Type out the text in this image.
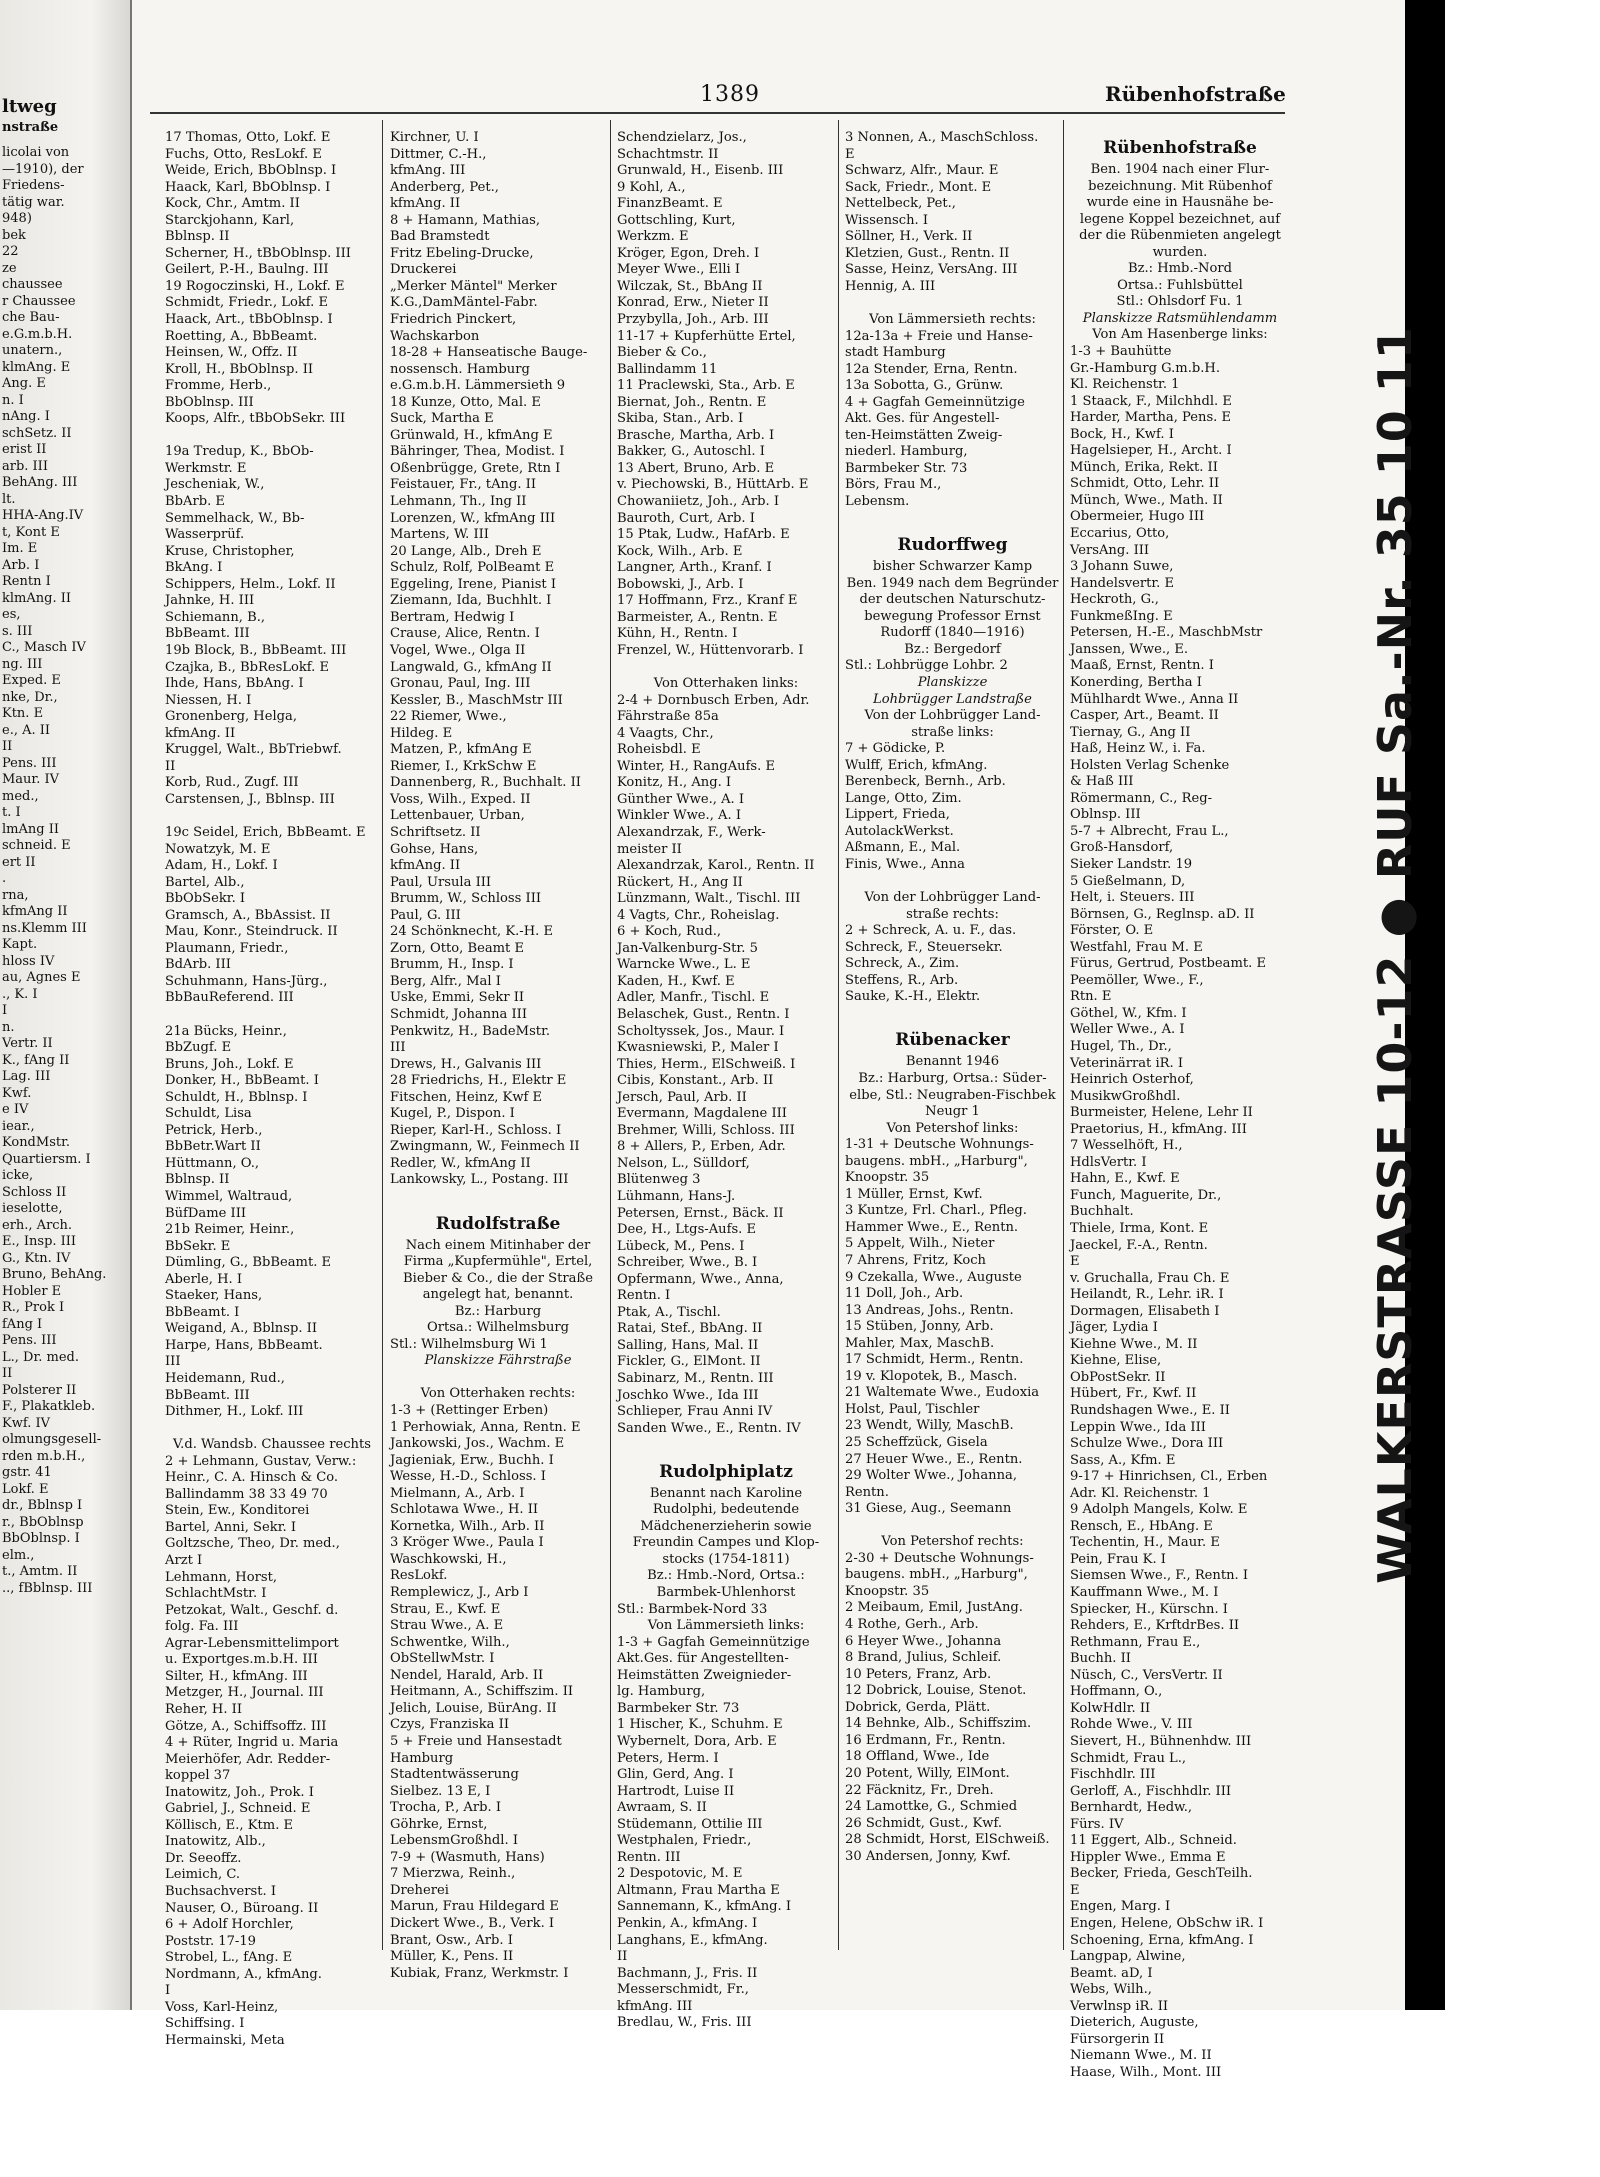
ltweg
nstraße
licolai von
—1910), der
Friedens-
tätig war.
948)
bek
22
ze
chaussee
r Chaussee
che Bau-
e.G.m.b.H.
unatern.,
klmAng. E
Ang. E
n. I
nAng. I
schSetz. II
erist II
arb. III
BehAng. III
lt.
HHA-Ang.IV
t, Kont E
Im. E
Arb. I
Rentn I
klmAng. II
es,
s. III
C., Masch IV
ng. III
Exped. E
nke, Dr.,
Ktn. E
e., A. II
II
Pens. III
Maur. IV
med.,
t. I
lmAng II
schneid. E
ert II
.
rna,
kfmAng II
ns.Klemm III
Kapt.
hloss IV
au, Agnes E
., K. I
I
n.
Vertr. II
K., fAng II
Lag. III
Kwf.
e IV
iear.,
KondMstr.
Quartiersm. I
icke,
Schloss II
ieselotte,
erh., Arch.
E., Insp. III
G., Ktn. IV
Bruno, BehAng.
Hobler E
R., Prok I
fAng I
Pens. III
L., Dr. med.
II
Polsterer II
F., Plakatkleb.
Kwf. IV
olmungsgesell-
rden m.b.H.,
gstr. 41
Lokf. E
dr., Bblnsp I
r., BbOblnsp
BbOblnsp. I
elm.,
t., Amtm. II
.., fBblnsp. III
1389	Rübenhofstraße
17 Thomas, Otto, Lokf. E
Fuchs, Otto, ResLokf. E
Weide, Erich, BbOblnsp. I
Haack, Karl, BbOblnsp. I
Kock, Chr., Amtm. II
Starckjohann, Karl,
Bblnsp. II
Scherner, H., tBbOblnsp. III
Geilert, P.-H., Baulng. III
19 Rogoczinski, H., Lokf. E
Schmidt, Friedr., Lokf. E
Haack, Art., tBbOblnsp. I
Roetting, A., BbBeamt.
Heinsen, W., Offz. II
Kroll, H., BbOblnsp. II
Fromme, Herb.,
BbOblnsp. III
Koops, Alfr., tBbObSekr. III

19a Tredup, K., BbOb-
Werkmstr. E
Jescheniak, W.,
BbArb. E
Semmelhack, W., Bb-
Wasserprüf.
Kruse, Christopher,
BkAng. I
Schippers, Helm., Lokf. II
Jahnke, H. III
Schiemann, B.,
BbBeamt. III
19b Block, B., BbBeamt. III
Czajka, B., BbResLokf. E
Ihde, Hans, BbAng. I
Niessen, H. I
Gronenberg, Helga,
kfmAng. II
Kruggel, Walt., BbTriebwf.
II
Korb, Rud., Zugf. III
Carstensen, J., Bblnsp. III

19c Seidel, Erich, BbBeamt. E
Nowatzyk, M. E
Adam, H., Lokf. I
Bartel, Alb.,
BbObSekr. I
Gramsch, A., BbAssist. II
Mau, Konr., Steindruck. II
Plaumann, Friedr.,
BdArb. III
Schuhmann, Hans-Jürg.,
BbBauReferend. III

21a Bücks, Heinr.,
BbZugf. E
Bruns, Joh., Lokf. E
Donker, H., BbBeamt. I
Schuldt, H., Bblnsp. I
Schuldt, Lisa
Petrick, Herb.,
BbBetr.Wart II
Hüttmann, O.,
Bblnsp. II
Wimmel, Waltraud,
BüfDame III
21b Reimer, Heinr.,
BbSekr. E
Dümling, G., BbBeamt. E
Aberle, H. I
Staeker, Hans,
BbBeamt. I
Weigand, A., Bblnsp. II
Harpe, Hans, BbBeamt.
III
Heidemann, Rud.,
BbBeamt. III
Dithmer, H., Lokf. III

V.d. Wandsb. Chaussee rechts
2 + Lehmann, Gustav, Verw.:
Heinr., C. A. Hinsch & Co.
Ballindamm 38 33 49 70
Stein, Ew., Konditorei
Bartel, Anni, Sekr. I
Goltzsche, Theo, Dr. med.,
Arzt I
Lehmann, Horst,
SchlachtMstr. I
Petzokat, Walt., Geschf. d.
folg. Fa. III
Agrar-Lebensmittelimport
u. Exportges.m.b.H. III
Silter, H., kfmAng. III
Metzger, H., Journal. III
Reher, H. II
Götze, A., Schiffsoffz. III
4 + Rüter, Ingrid u. Maria
Meierhöfer, Adr. Redder-
koppel 37
Inatowitz, Joh., Prok. I
Gabriel, J., Schneid. E
Köllisch, E., Ktm. E
Inatowitz, Alb.,
Dr. Seeoffz.
Leimich, C.
Buchsachverst. I
Nauser, O., Büroang. II
6 + Adolf Horchler,
Poststr. 17-19
Strobel, L., fAng. E
Nordmann, A., kfmAng.
I
Voss, Karl-Heinz,
Schiffsing. I
Hermainski, Meta
Kirchner, U. I
Dittmer, C.-H.,
kfmAng. III
Anderberg, Pet.,
kfmAng. II
8 + Hamann, Mathias,
Bad Bramstedt
Fritz Ebeling-Drucke,
Druckerei
„Merker Mäntel" Merker
K.G.,DamMäntel-Fabr.
Friedrich Pinckert,
Wachskarbon
18-28 + Hanseatische Bauge-
nossensch. Hamburg
e.G.m.b.H. Lämmersieth 9
18 Kunze, Otto, Mal. E
Suck, Martha E
Grünwald, H., kfmAng E
Bähringer, Thea, Modist. I
Oßenbrügge, Grete, Rtn I
Feistauer, Fr., tAng. II
Lehmann, Th., Ing II
Lorenzen, W., kfmAng III
Martens, W. III
20 Lange, Alb., Dreh E
Schulz, Rolf, PolBeamt E
Eggeling, Irene, Pianist I
Ziemann, Ida, Buchhlt. I
Bertram, Hedwig I
Crause, Alice, Rentn. I
Vogel, Wwe., Olga II
Langwald, G., kfmAng II
Gronau, Paul, Ing. III
Kessler, B., MaschMstr III
22 Riemer, Wwe.,
Hildeg. E
Matzen, P., kfmAng E
Riemer, I., KrkSchw E
Dannenberg, R., Buchhalt. II
Voss, Wilh., Exped. II
Lettenbauer, Urban,
Schriftsetz. II
Gohse, Hans,
kfmAng. II
Paul, Ursula III
Brumm, W., Schloss III
Paul, G. III
24 Schönknecht, K.-H. E
Zorn, Otto, Beamt E
Brumm, H., Insp. I
Berg, Alfr., Mal I
Uske, Emmi, Sekr II
Schmidt, Johanna III
Penkwitz, H., BadeMstr.
III
Drews, H., Galvanis III
28 Friedrichs, H., Elektr E
Fitschen, Heinz, Kwf E
Kugel, P., Dispon. I
Rieper, Karl-H., Schloss. I
Zwingmann, W., Feinmech II
Redler, W., kfmAng II
Lankowsky, L., Postang. III

Rudolfstraße
Nach einem Mitinhaber der
Firma „Kupfermühle", Ertel,
Bieber & Co., die der Straße
angelegt hat, benannt.
Bz.: Harburg
Ortsa.: Wilhelmsburg
Stl.: Wilhelmsburg Wi 1
Planskizze Fährstraße

Von Otterhaken rechts:
1-3 + (Rettinger Erben)
1 Perhowiak, Anna, Rentn. E
Jankowski, Jos., Wachm. E
Jagieniak, Erw., Buchh. I
Wesse, H.-D., Schloss. I
Mielmann, A., Arb. I
Schlotawa Wwe., H. II
Kornetka, Wilh., Arb. II
3 Kröger Wwe., Paula I
Waschkowski, H.,
ResLokf.
Remplewicz, J., Arb I
Strau, E., Kwf. E
Strau Wwe., A. E
Schwentke, Wilh.,
ObStellwMstr. I
Nendel, Harald, Arb. II
Heitmann, A., Schiffszim. II
Jelich, Louise, BürAng. II
Czys, Franziska II
5 + Freie und Hansestadt
Hamburg
Stadtentwässerung
Sielbez. 13 E, I
Trocha, P., Arb. I
Göhrke, Ernst,
LebensmGroßhdl. I
7-9 + (Wasmuth, Hans)
7 Mierzwa, Reinh.,
Dreherei
Marun, Frau Hildegard E
Dickert Wwe., B., Verk. I
Brant, Osw., Arb. I
Müller, K., Pens. II
Kubiak, Franz, Werkmstr. I
Schendzielarz, Jos.,
Schachtmstr. II
Grunwald, H., Eisenb. III
9 Kohl, A.,
FinanzBeamt. E
Gottschling, Kurt,
Werkzm. E
Kröger, Egon, Dreh. I
Meyer Wwe., Elli I
Wilczak, St., BbAng II
Konrad, Erw., Nieter II
Przybylla, Joh., Arb. III
11-17 + Kupferhütte Ertel,
Bieber & Co.,
Ballindamm 11
11 Praclewski, Sta., Arb. E
Biernat, Joh., Rentn. E
Skiba, Stan., Arb. I
Brasche, Martha, Arb. I
Bakker, G., Autoschl. I
13 Abert, Bruno, Arb. E
v. Piechowski, B., HüttArb. E
Chowaniietz, Joh., Arb. I
Bauroth, Curt, Arb. I
15 Ptak, Ludw., HafArb. E
Kock, Wilh., Arb. E
Langner, Arth., Kranf. I
Bobowski, J., Arb. I
17 Hoffmann, Frz., Kranf E
Barmeister, A., Rentn. E
Kühn, H., Rentn. I
Frenzel, W., Hüttenvorarb. I

Von Otterhaken links:
2-4 + Dornbusch Erben, Adr.
Fährstraße 85a
4 Vaagts, Chr.,
Roheisbdl. E
Winter, H., RangAufs. E
Konitz, H., Ang. I
Günther Wwe., A. I
Winkler Wwe., A. I
Alexandrzak, F., Werk-
meister II
Alexandrzak, Karol., Rentn. II
Rückert, H., Ang II
Lünzmann, Walt., Tischl. III
4 Vagts, Chr., Roheislag.
6 + Koch, Rud.,
Jan-Valkenburg-Str. 5
Warncke Wwe., L. E
Kaden, H., Kwf. E
Adler, Manfr., Tischl. E
Belaschek, Gust., Rentn. I
Scholtyssek, Jos., Maur. I
Kwasniewski, P., Maler I
Thies, Herm., ElSchweiß. I
Cibis, Konstant., Arb. II
Jersch, Paul, Arb. II
Evermann, Magdalene III
Brehmer, Willi, Schloss. III
8 + Allers, P., Erben, Adr.
Nelson, L., Sülldorf,
Blütenweg 3
Lühmann, Hans-J.
Petersen, Ernst., Bäck. II
Dee, H., Ltgs-Aufs. E
Lübeck, M., Pens. I
Schreiber, Wwe., B. I
Opfermann, Wwe., Anna,
Rentn. I
Ptak, A., Tischl.
Ratai, Stef., BbAng. II
Salling, Hans, Mal. II
Fickler, G., ElMont. II
Sabinarz, M., Rentn. III
Joschko Wwe., Ida III
Schlieper, Frau Anni IV
Sanden Wwe., E., Rentn. IV

Rudolphiplatz
Benannt nach Karoline
Rudolphi, bedeutende
Mädchenerzieherin sowie
Freundin Campes und Klop-
stocks (1754-1811)
Bz.: Hmb.-Nord, Ortsa.:
Barmbek-Uhlenhorst
Stl.: Barmbek-Nord 33
Von Lämmersieth links:
1-3 + Gagfah Gemeinnützige
Akt.Ges. für Angestellten-
Heimstätten Zweignieder-
lg. Hamburg,
Barmbeker Str. 73
1 Hischer, K., Schuhm. E
Wybernelt, Dora, Arb. E
Peters, Herm. I
Glin, Gerd, Ang. I
Hartrodt, Luise II
Awraam, S. II
Stüdemann, Ottilie III
Westphalen, Friedr.,
Rentn. III
2 Despotovic, M. E
Altmann, Frau Martha E
Sannemann, K., kfmAng. I
Penkin, A., kfmAng. I
Langhans, E., kfmAng.
II
Bachmann, J., Fris. II
Messerschmidt, Fr.,
kfmAng. III
Bredlau, W., Fris. III
3 Nonnen, A., MaschSchloss.
E
Schwarz, Alfr., Maur. E
Sack, Friedr., Mont. E
Nettelbeck, Pet.,
Wissensch. I
Söllner, H., Verk. II
Kletzien, Gust., Rentn. II
Sasse, Heinz, VersAng. III
Hennig, A. III

Von Lämmersieth rechts:
12a-13a + Freie und Hanse-
stadt Hamburg
12a Stender, Erna, Rentn.
13a Sobotta, G., Grünw.
4 + Gagfah Gemeinnützige
Akt. Ges. für Angestell-
ten-Heimstätten Zweig-
niederl. Hamburg,
Barmbeker Str. 73
Börs, Frau M.,
Lebensm.

Rudorffweg
bisher Schwarzer Kamp
Ben. 1949 nach dem Begründer
der deutschen Naturschutz-
bewegung Professor Ernst
Rudorff (1840—1916)
Bz.: Bergedorf
Stl.: Lohbrügge Lohbr. 2
Planskizze
Lohbrügger Landstraße
Von der Lohbrügger Land-
straße links:
7 + Gödicke, P.
Wulff, Erich, kfmAng.
Berenbeck, Bernh., Arb.
Lange, Otto, Zim.
Lippert, Frieda,
AutolackWerkst.
Aßmann, E., Mal.
Finis, Wwe., Anna

Von der Lohbrügger Land-
straße rechts:
2 + Schreck, A. u. F., das.
Schreck, F., Steuersekr.
Schreck, A., Zim.
Steffens, R., Arb.
Sauke, K.-H., Elektr.

Rübenacker
Benannt 1946
Bz.: Harburg, Ortsa.: Süder-
elbe, Stl.: Neugraben-Fischbek
Neugr 1
Von Petershof links:
1-31 + Deutsche Wohnungs-
baugens. mbH., „Harburg",
Knoopstr. 35
1 Müller, Ernst, Kwf.
3 Kuntze, Frl. Charl., Pfleg.
Hammer Wwe., E., Rentn.
5 Appelt, Wilh., Nieter
7 Ahrens, Fritz, Koch
9 Czekalla, Wwe., Auguste
11 Doll, Joh., Arb.
13 Andreas, Johs., Rentn.
15 Stüben, Jonny, Arb.
Mahler, Max, MaschB.
17 Schmidt, Herm., Rentn.
19 v. Klopotek, B., Masch.
21 Waltemate Wwe., Eudoxia
Holst, Paul, Tischler
23 Wendt, Willy, MaschB.
25 Scheffzück, Gisela
27 Heuer Wwe., E., Rentn.
29 Wolter Wwe., Johanna,
Rentn.
31 Giese, Aug., Seemann

Von Petershof rechts:
2-30 + Deutsche Wohnungs-
baugens. mbH., „Harburg",
Knoopstr. 35
2 Meibaum, Emil, JustAng.
4 Rothe, Gerh., Arb.
6 Heyer Wwe., Johanna
8 Brand, Julius, Schleif.
10 Peters, Franz, Arb.
12 Dobrick, Louise, Stenot.
Dobrick, Gerda, Plätt.
14 Behnke, Alb., Schiffszim.
16 Erdmann, Fr., Rentn.
18 Offland, Wwe., Ide
20 Potent, Willy, ElMont.
22 Fäcknitz, Fr., Dreh.
24 Lamottke, G., Schmied
26 Schmidt, Gust., Kwf.
28 Schmidt, Horst, ElSchweiß.
30 Andersen, Jonny, Kwf.
Rübenhofstraße
Ben. 1904 nach einer Flur-
bezeichnung. Mit Rübenhof
wurde eine in Hausnähe be-
legene Koppel bezeichnet, auf
der die Rübenmieten angelegt
wurden.
Bz.: Hmb.-Nord
Ortsa.: Fuhlsbüttel
Stl.: Ohlsdorf Fu. 1
Planskizze Ratsmühlendamm
Von Am Hasenberge links:
1-3 + Bauhütte
Gr.-Hamburg G.m.b.H.
Kl. Reichenstr. 1
1 Staack, F., Milchhdl. E
Harder, Martha, Pens. E
Bock, H., Kwf. I
Hagelsieper, H., Archt. I
Münch, Erika, Rekt. II
Schmidt, Otto, Lehr. II
Münch, Wwe., Math. II
Obermeier, Hugo III
Eccarius, Otto,
VersAng. III
3 Johann Suwe,
Handelsvertr. E
Heckroth, G.,
FunkmeßIng. E
Petersen, H.-E., MaschbMstr
Janssen, Wwe., E.
Maaß, Ernst, Rentn. I
Konerding, Bertha I
Mühlhardt Wwe., Anna II
Casper, Art., Beamt. II
Tiernay, G., Ang II
Haß, Heinz W., i. Fa.
Holsten Verlag Schenke
& Haß III
Römermann, C., Reg-
Oblnsp. III
5-7 + Albrecht, Frau L.,
Groß-Hansdorf,
Sieker Landstr. 19
5 Gießelmann, D,
Helt, i. Steuers. III
Börnsen, G., Reglnsp. aD. II
Förster, O. E
Westfahl, Frau M. E
Fürus, Gertrud, Postbeamt. E
Peemöller, Wwe., F.,
Rtn. E
Göthel, W., Kfm. I
Weller Wwe., A. I
Hugel, Th., Dr.,
Veterinärrat iR. I
Heinrich Osterhof,
MusikwGroßhdl.
Burmeister, Helene, Lehr II
Praetorius, H., kfmAng. III
7 Wesselhöft, H.,
HdlsVertr. I
Hahn, E., Kwf. E
Funch, Maguerite, Dr.,
Buchhalt.
Thiele, Irma, Kont. E
Jaeckel, F.-A., Rentn.
E
v. Gruchalla, Frau Ch. E
Heilandt, R., Lehr. iR. I
Dormagen, Elisabeth I
Jäger, Lydia I
Kiehne Wwe., M. II
Kiehne, Elise,
ObPostSekr. II
Hübert, Fr., Kwf. II
Rundshagen Wwe., E. II
Leppin Wwe., Ida III
Schulze Wwe., Dora III
Sass, A., Kfm. E
9-17 + Hinrichsen, Cl., Erben
Adr. Kl. Reichenstr. 1
9 Adolph Mangels, Kolw. E
Rensch, E., HbAng. E
Techentin, H., Maur. E
Pein, Frau K. I
Siemsen Wwe., F., Rentn. I
Kauffmann Wwe., M. I
Spiecker, H., Kürschn. I
Rehders, E., KrftdrBes. II
Rethmann, Frau E.,
Buchh. II
Nüsch, C., VersVertr. II
Hoffmann, O.,
KolwHdlr. II
Rohde Wwe., V. III
Sievert, H., Bühnenhdw. III
Schmidt, Frau L.,
Fischhdlr. III
Gerloff, A., Fischhdlr. III
Bernhardt, Hedw.,
Fürs. IV
11 Eggert, Alb., Schneid.
Hippler Wwe., Emma E
Becker, Frieda, GeschTeilh.
E
Engen, Marg. I
Engen, Helene, ObSchw iR. I
Schoening, Erna, kfmAng. I
Langpap, Alwine,
Beamt. aD, I
Webs, Wilh.,
Verwlnsp iR. II
Dieterich, Auguste,
Fürsorgerin II
Niemann Wwe., M. II
Haase, Wilh., Mont. III
WALKERSTRASSE 10-12 ● RUF Sa.-Nr. 35 10 11
